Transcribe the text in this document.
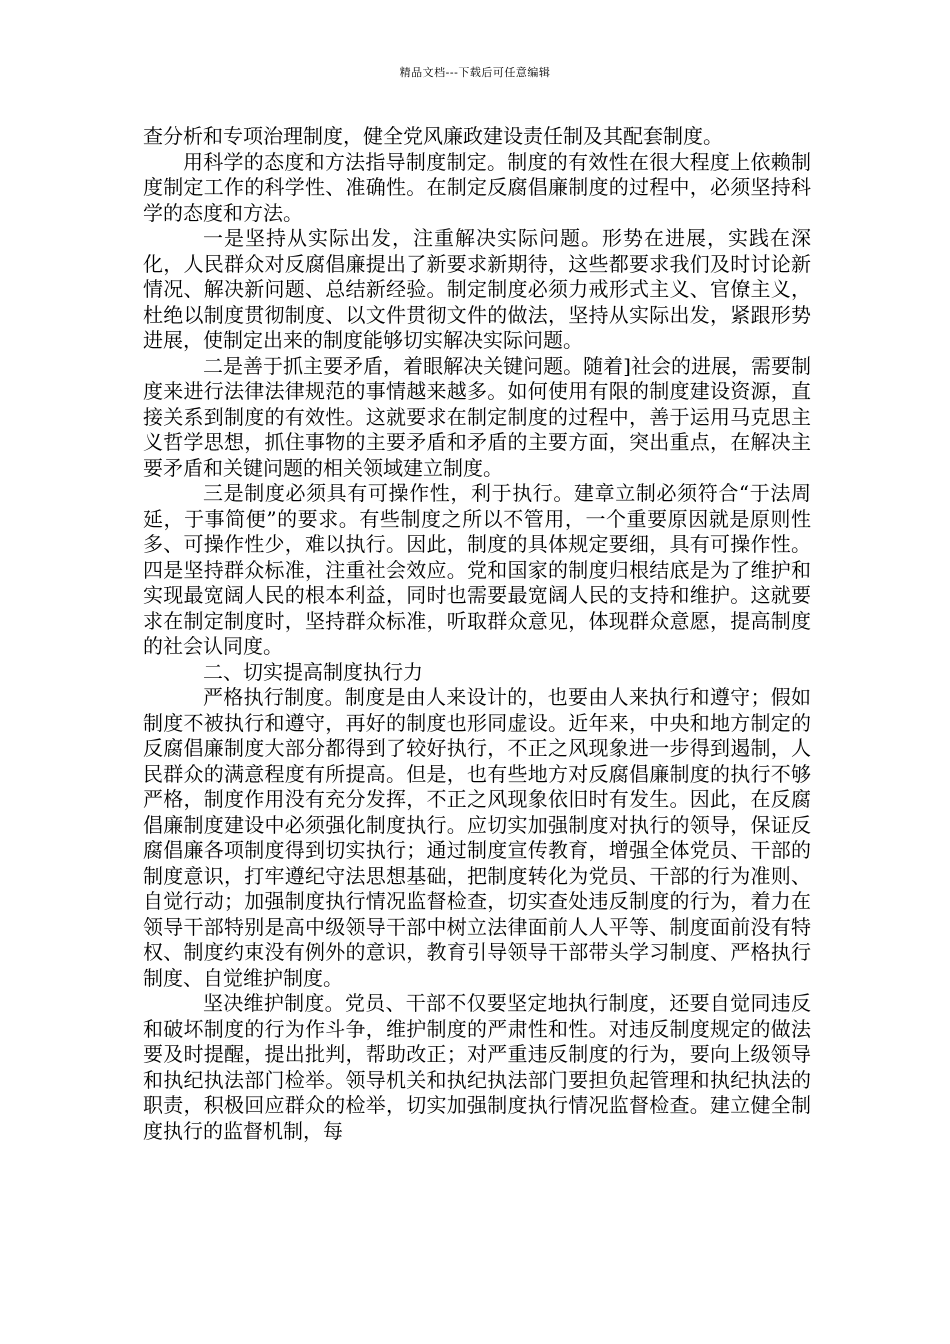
精品文档---下载后可任意编辑

查分析和专项治理制度，健全党风廉政建设责任制及其配套制度。

用科学的态度和方法指导制度制定。制度的有效性在很大程度上依赖制度制定工作的科学性、准确性。在制定反腐倡廉制度的过程中，必须坚持科学的态度和方法。

一是坚持从实际出发，注重解决实际问题。形势在进展，实践在深化，人民群众对反腐倡廉提出了新要求新期待，这些都要求我们及时讨论新情况、解决新问题、总结新经验。制定制度必须力戒形式主义、官僚主义，杜绝以制度贯彻制度、以文件贯彻文件的做法，坚持从实际出发，紧跟形势进展，使制定出来的制度能够切实解决实际问题。

二是善于抓主要矛盾，着眼解决关键问题。随着]社会的进展，需要制度来进行法律法律规范的事情越来越多。如何使用有限的制度建设资源，直接关系到制度的有效性。这就要求在制定制度的过程中，善于运用马克思主义哲学思想，抓住事物的主要矛盾和矛盾的主要方面，突出重点，在解决主要矛盾和关键问题的相关领域建立制度。

三是制度必须具有可操作性，利于执行。建章立制必须符合“于法周延，于事简便”的要求。有些制度之所以不管用，一个重要原因就是原则性多、可操作性少，难以执行。因此，制度的具体规定要细，具有可操作性。四是坚持群众标准，注重社会效应。党和国家的制度归根结底是为了维护和实现最宽阔人民的根本利益，同时也需要最宽阔人民的支持和维护。这就要求在制定制度时，坚持群众标准，听取群众意见，体现群众意愿，提高制度的社会认同度。

二、切实提高制度执行力

严格执行制度。制度是由人来设计的，也要由人来执行和遵守；假如制度不被执行和遵守，再好的制度也形同虚设。近年来，中央和地方制定的反腐倡廉制度大部分都得到了较好执行，不正之风现象进一步得到遏制，人民群众的满意程度有所提高。但是，也有些地方对反腐倡廉制度的执行不够严格，制度作用没有充分发挥，不正之风现象依旧时有发生。因此，在反腐倡廉制度建设中必须强化制度执行。应切实加强制度对执行的领导，保证反腐倡廉各项制度得到切实执行；通过制度宣传教育，增强全体党员、干部的制度意识，打牢遵纪守法思想基础，把制度转化为党员、干部的行为准则、自觉行动；加强制度执行情况监督检查，切实查处违反制度的行为，着力在领导干部特别是高中级领导干部中树立法律面前人人平等、制度面前没有特权、制度约束没有例外的意识，教育引导领导干部带头学习制度、严格执行制度、自觉维护制度。

坚决维护制度。党员、干部不仅要坚定地执行制度，还要自觉同违反和破坏制度的行为作斗争，维护制度的严肃性和性。对违反制度规定的做法要及时提醒，提出批判，帮助改正；对严重违反制度的行为，要向上级领导和执纪执法部门检举。领导机关和执纪执法部门要担负起管理和执纪执法的职责，积极回应群众的检举，切实加强制度执行情况监督检查。建立健全制度执行的监督机制，每
